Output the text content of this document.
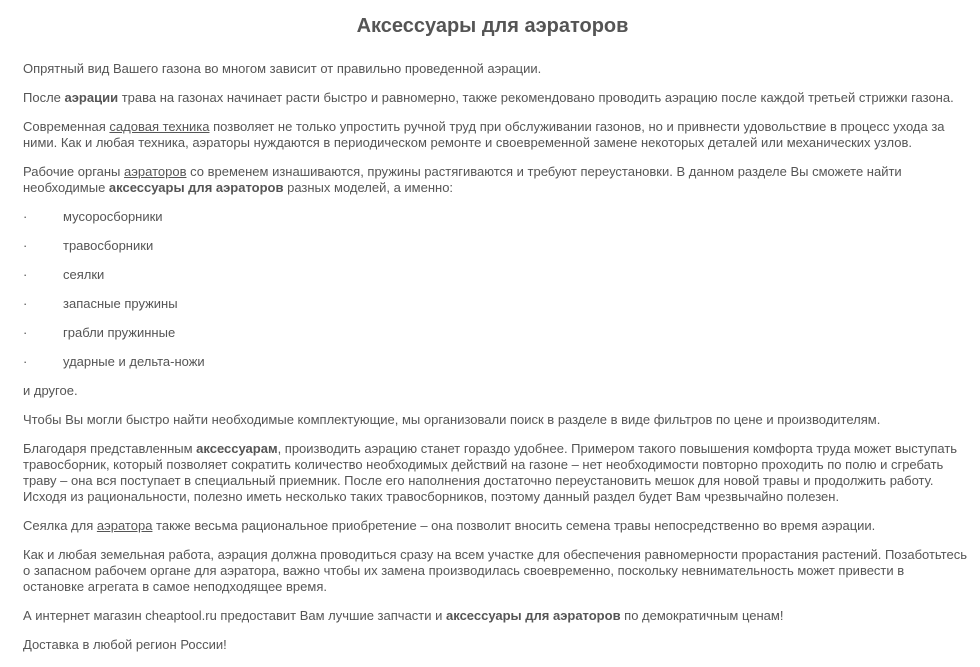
Аксессуары для аэраторов

Опрятный вид Вашего газона во многом зависит от правильно проведенной аэрации.

После аэрации трава на газонах начинает расти быстро и равномерно, также рекомендовано проводить аэрацию после каждой третьей стрижки газона.

Современная садовая техника позволяет не только упростить ручной труд при обслуживании газонов, но и привнести удовольствие в процесс ухода за ними. Как и любая техника, аэраторы нуждаются в периодическом ремонте и своевременной замене некоторых деталей или механических узлов.

Рабочие органы аэраторов со временем изнашиваются, пружины растягиваются и требуют переустановки. В данном разделе Вы сможете найти необходимые аксессуары для аэраторов разных моделей, а именно:

·	мусоросборники
·	травосборники
·	сеялки
·	запасные пружины
·	грабли пружинные
·	ударные и дельта-ножи

и другое.

Чтобы Вы могли быстро найти необходимые комплектующие, мы организовали поиск в разделе в виде фильтров по цене и производителям.

Благодаря представленным аксессуарам, производить аэрацию станет гораздо удобнее. Примером такого повышения комфорта труда может выступать травосборник, который позволяет сократить количество необходимых действий на газоне – нет необходимости повторно проходить по полю и сгребать траву – она вся поступает в специальный приемник. После его наполнения достаточно переустановить мешок для новой травы и продолжить работу. Исходя из рациональности, полезно иметь несколько таких травосборников, поэтому данный раздел будет Вам чрезвычайно полезен.

Сеялка для аэратора также весьма рациональное приобретение – она позволит вносить семена травы непосредственно во время аэрации.

Как и любая земельная работа, аэрация должна проводиться сразу на всем участке для обеспечения равномерности прорастания растений. Позаботьтесь о запасном рабочем органе для аэратора, важно чтобы их замена производилась своевременно, поскольку невнимательность может привести в остановке агрегата в самое неподходящее время.

А интернет магазин cheaptool.ru предоставит Вам лучшие запчасти и аксессуары для аэраторов по демократичным ценам!

Доставка в любой регион России!
